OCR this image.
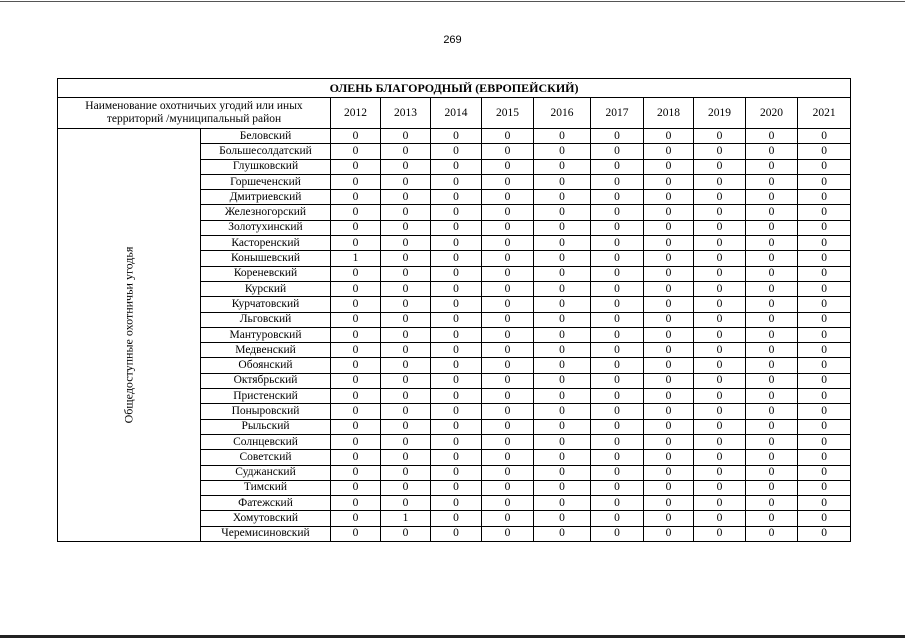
269
ОЛЕНЬ БЛАГОРОДНЫЙ (ЕВРОПЕЙСКИЙ)											
Наименование охотничьих угодий или иных территорий /муниципальный район		2012	2013	2014	2015	2016	2017	2018	2019	2020	2021

Общедоступные охотничьи угодья	Беловский	0	0	0	0	0	0	0	0	0	0
	Большесолдатский	0	0	0	0	0	0	0	0	0	0
	Глушковский	0	0	0	0	0	0	0	0	0	0
	Горшеченский	0	0	0	0	0	0	0	0	0	0
	Дмитриевский	0	0	0	0	0	0	0	0	0	0
	Железногорский	0	0	0	0	0	0	0	0	0	0
	Золотухинский	0	0	0	0	0	0	0	0	0	0
	Касторенский	0	0	0	0	0	0	0	0	0	0
	Конышевский	1	0	0	0	0	0	0	0	0	0
	Кореневский	0	0	0	0	0	0	0	0	0	0
	Курский	0	0	0	0	0	0	0	0	0	0
	Курчатовский	0	0	0	0	0	0	0	0	0	0
	Льговский	0	0	0	0	0	0	0	0	0	0
	Мантуровский	0	0	0	0	0	0	0	0	0	0
	Медвенский	0	0	0	0	0	0	0	0	0	0
	Обоянский	0	0	0	0	0	0	0	0	0	0
	Октябрьский	0	0	0	0	0	0	0	0	0	0
	Пристенский	0	0	0	0	0	0	0	0	0	0
	Поныровский	0	0	0	0	0	0	0	0	0	0
	Рыльский	0	0	0	0	0	0	0	0	0	0
	Солнцевский	0	0	0	0	0	0	0	0	0	0
	Советский	0	0	0	0	0	0	0	0	0	0
	Суджанский	0	0	0	0	0	0	0	0	0	0
	Тимский	0	0	0	0	0	0	0	0	0	0
	Фатежский	0	0	0	0	0	0	0	0	0	0
	Хомутовский	0	1	0	0	0	0	0	0	0	0
	Черемисиновский	0	0	0	0	0	0	0	0	0	0
